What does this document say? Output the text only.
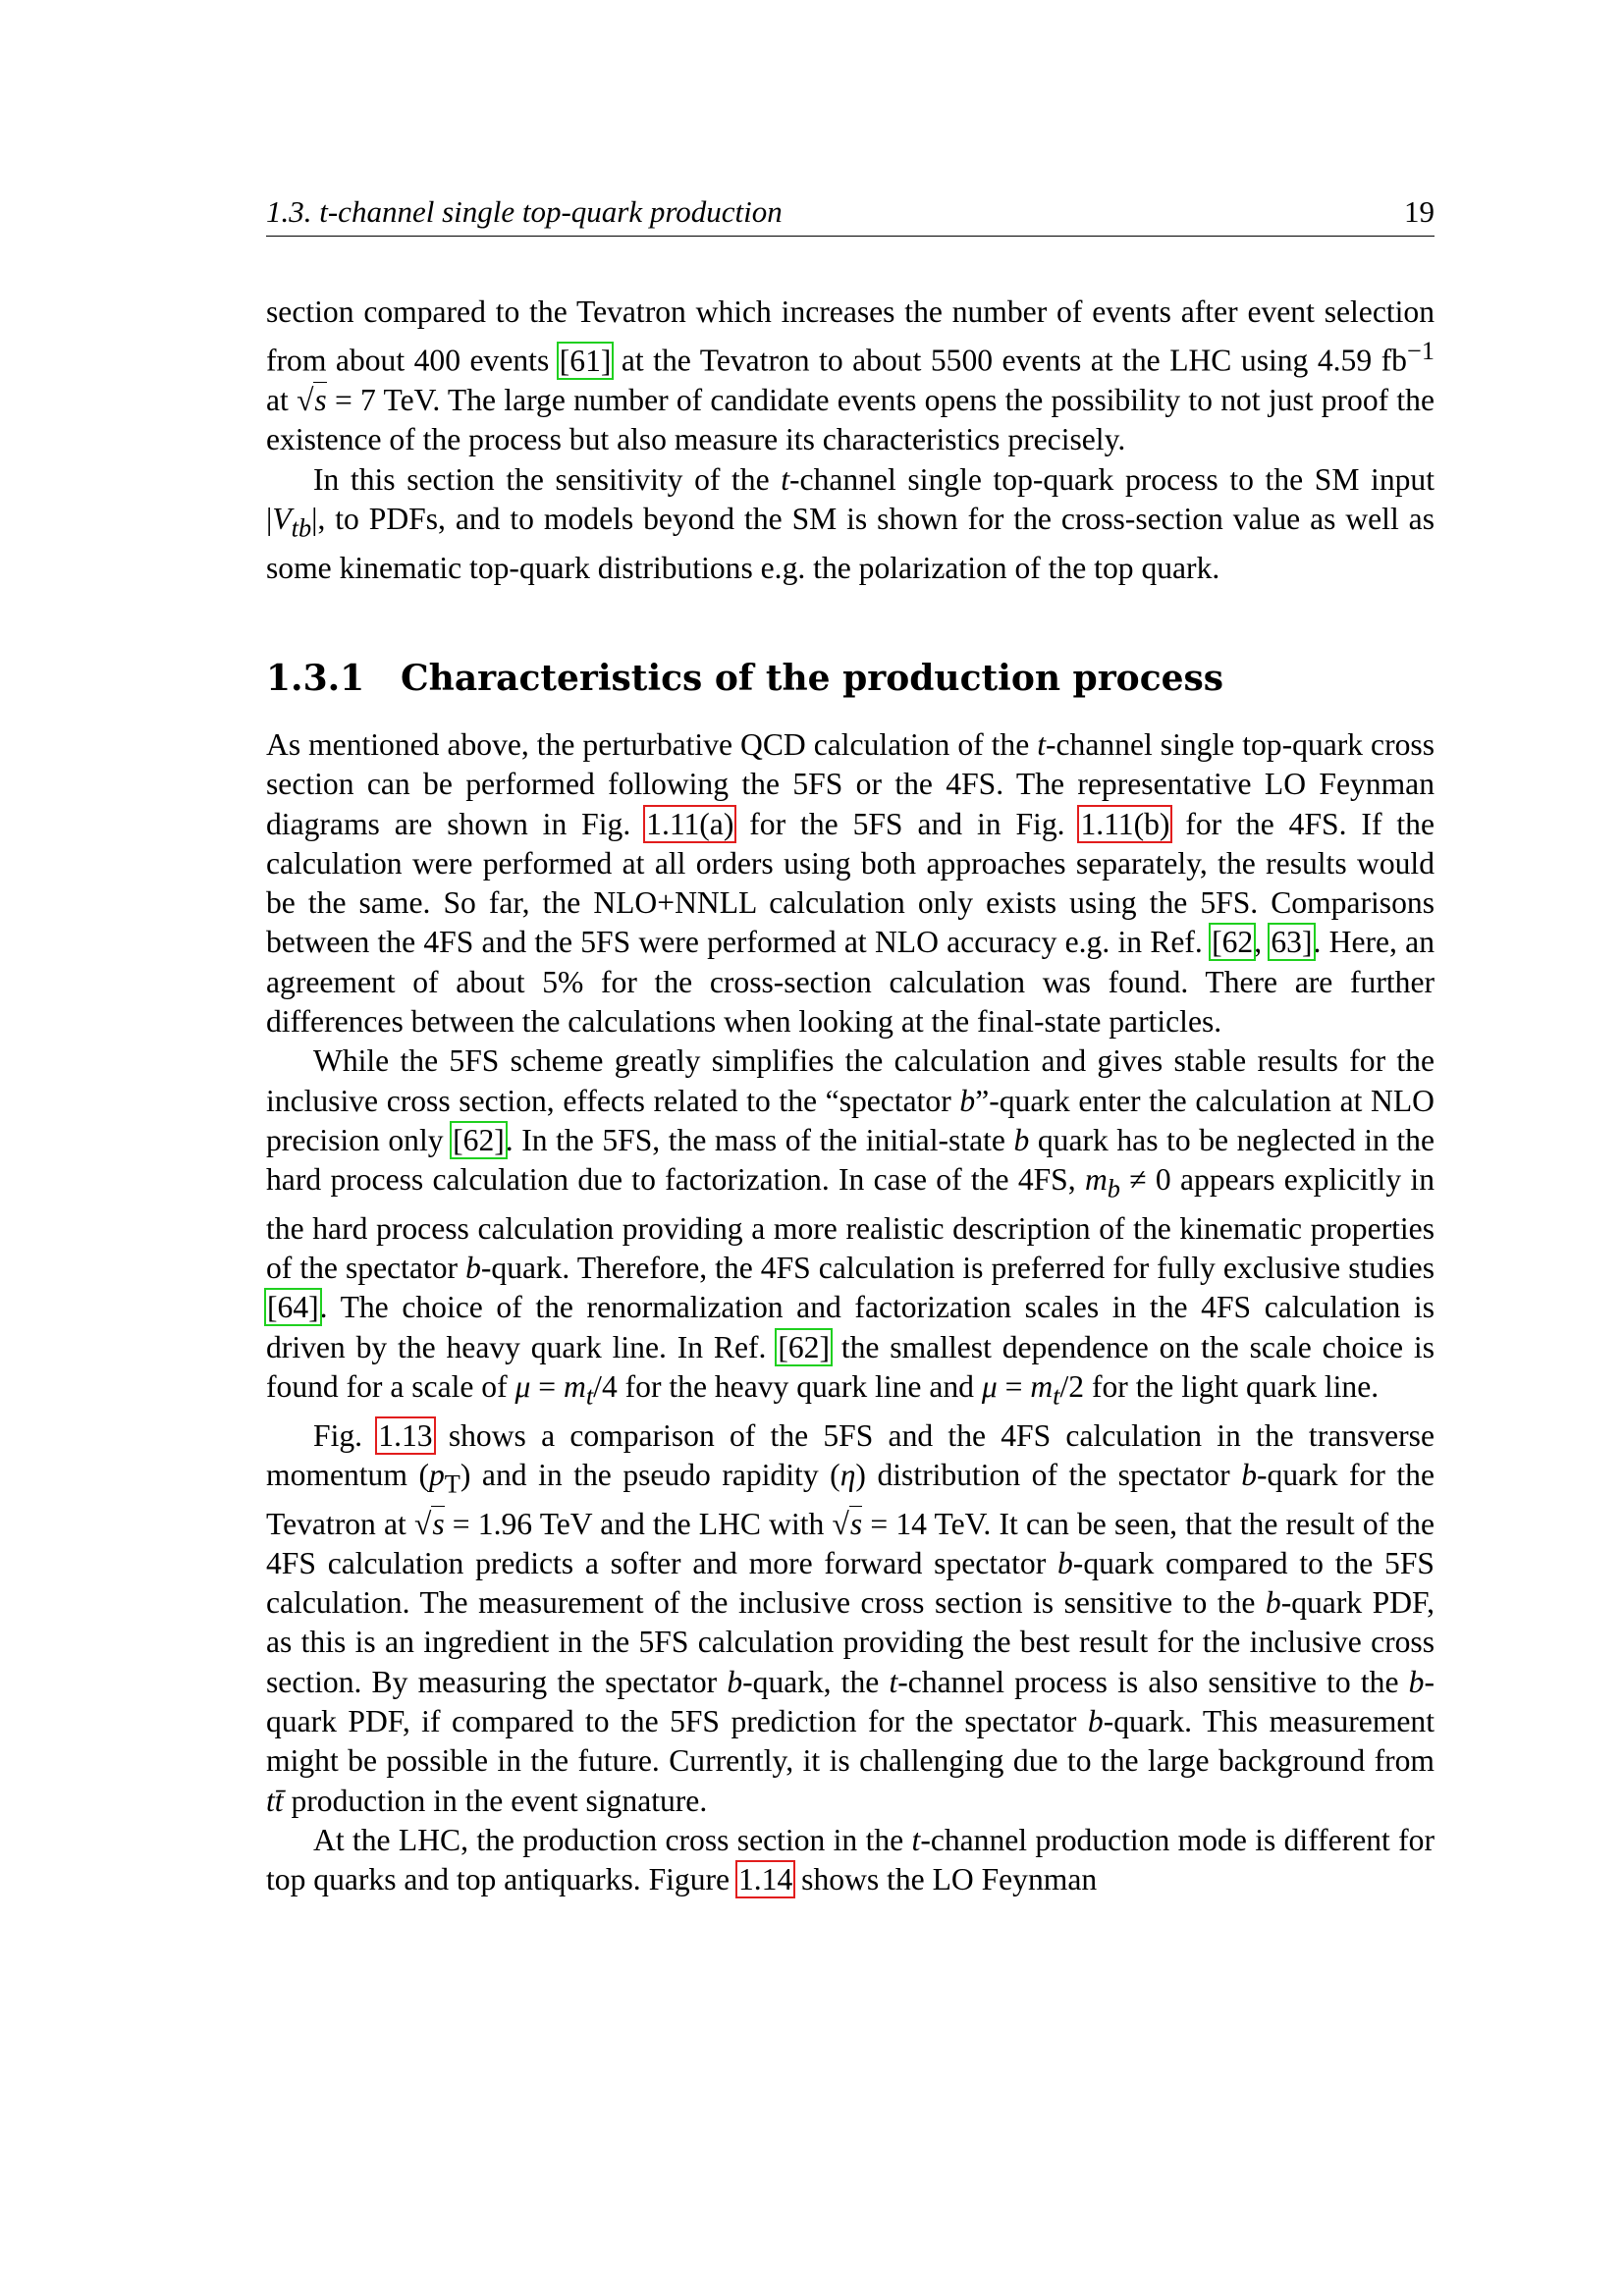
1.3. t-channel single top-quark production	19

section compared to the Tevatron which increases the number of events after event selection from about 400 events [61] at the Tevatron to about 5500 events at the LHC using 4.59 $fb^{-1}$ at √s = 7 TeV. The large number of candidate events opens the possibility to not just proof the existence of the process but also measure its characteristics precisely.

In this section the sensitivity of the t-channel single top-quark process to the SM input $|V_{tb}|$, to PDFs, and to models beyond the SM is shown for the cross-section value as well as some kinematic top-quark distributions e.g. the polarization of the top quark.

1.3.1 Characteristics of the production process

As mentioned above, the perturbative QCD calculation of the t-channel single top-quark cross section can be performed following the 5FS or the 4FS. The representative LO Feynman diagrams are shown in Fig. 1.11(a) for the 5FS and in Fig. 1.11(b) for the 4FS. If the calculation were performed at all orders using both approaches separately, the results would be the same. So far, the NLO+NNLL calculation only exists using the 5FS. Comparisons between the 4FS and the 5FS were performed at NLO accuracy e.g. in Ref. [62, 63]. Here, an agreement of about 5% for the cross-section calculation was found. There are further differences between the calculations when looking at the final-state particles.

While the 5FS scheme greatly simplifies the calculation and gives stable results for the inclusive cross section, effects related to the “spectator b”-quark enter the calculation at NLO precision only [62]. In the 5FS, the mass of the initial-state b quark has to be neglected in the hard process calculation due to factorization. In case of the 4FS, $m_b \ne 0$ appears explicitly in the hard process calculation providing a more realistic description of the kinematic properties of the spectator b-quark. Therefore, the 4FS calculation is preferred for fully exclusive studies [64]. The choice of the renormalization and factorization scales in the 4FS calculation is driven by the heavy quark line. In Ref. [62] the smallest dependence on the scale choice is found for a scale of $\mu = m_t/4$ for the heavy quark line and $\mu = m_t/2$ for the light quark line.

Fig. 1.13 shows a comparison of the 5FS and the 4FS calculation in the transverse momentum $(p_T)$ and in the pseudo rapidity (η) distribution of the spectator b-quark for the Tevatron at √s = 1.96 TeV and the LHC with √s = 14 TeV. It can be seen, that the result of the 4FS calculation predicts a softer and more forward spectator b-quark compared to the 5FS calculation. The measurement of the inclusive cross section is sensitive to the b-quark PDF, as this is an ingredient in the 5FS calculation providing the best result for the inclusive cross section. By measuring the spectator b-quark, the t-channel process is also sensitive to the b-quark PDF, if compared to the 5FS prediction for the spectator b-quark. This measurement might be possible in the future. Currently, it is challenging due to the large background from tt̄ production in the event signature.

At the LHC, the production cross section in the t-channel production mode is different for top quarks and top antiquarks. Figure 1.14 shows the LO Feynman
